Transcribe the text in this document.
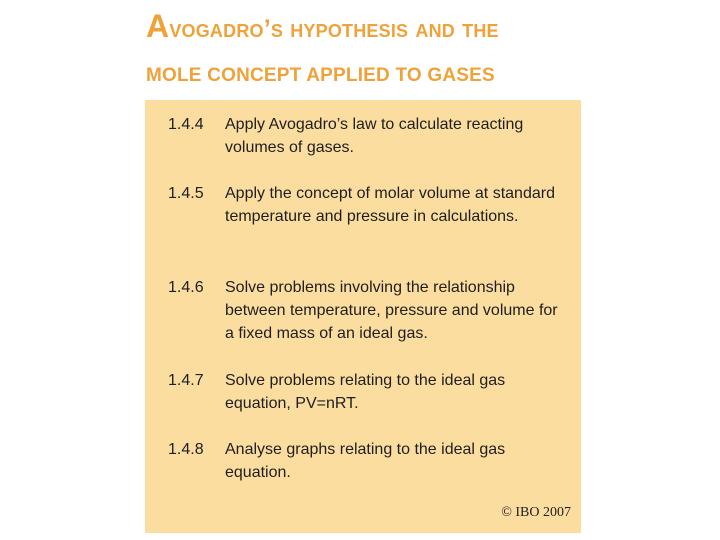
Avogadro’s hypothesis and the
MOLE CONCEPT APPLIED TO GASES
1.4.4	Apply Avogadro’s law to calculate reacting volumes of gases.
1.4.5	Apply the concept of molar volume at standard temperature and pressure in calculations.
1.4.6	Solve problems involving the relationship between temperature, pressure and volume for a fixed mass of an ideal gas.
1.4.7	Solve problems relating to the ideal gas equation, PV=nRT.
1.4.8	Analyse graphs relating to the ideal gas equation.
© IBO 2007
